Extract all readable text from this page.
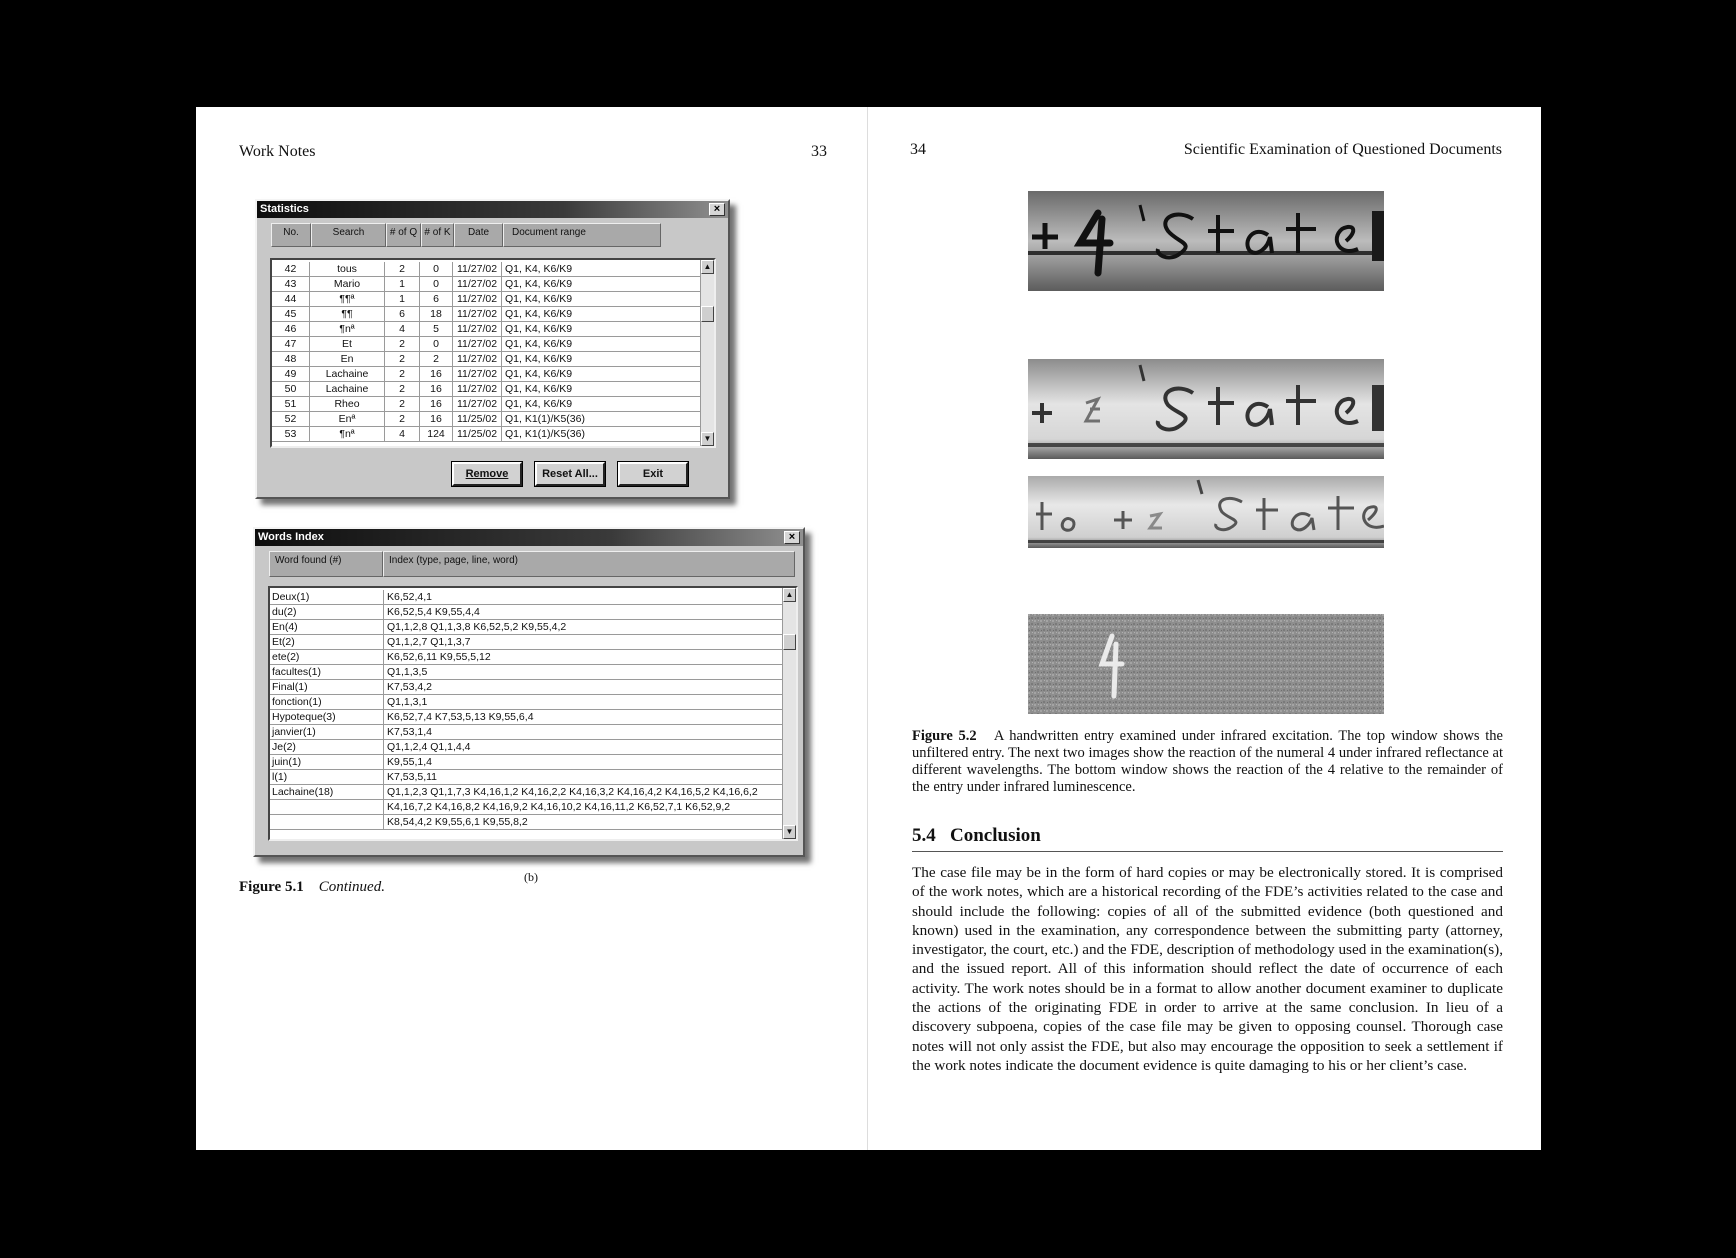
Work Notes	33
Statistics	×
No.	Search	# of Q # of K	Date	Document range
42	tous	2	0	11/27/02 Q1, K4, K6/K9
43	Mario	1	0	11/27/02 Q1, K4, K6/K9
44	¶¶ª	1	6	11/27/02 Q1, K4, K6/K9
45	¶¶	6	18	11/27/02 Q1, K4, K6/K9
46	¶nª	4	5	11/27/02 Q1, K4, K6/K9
47	Et	2	0	11/27/02 Q1, K4, K6/K9
48	En	2	2	11/27/02 Q1, K4, K6/K9
49	Lachaine	2	16	11/27/02 Q1, K4, K6/K9
50	Lachaine	2	16	11/27/02 Q1, K4, K6/K9
51	Rheo	2	16	11/27/02 Q1, K4, K6/K9
52	Enª	2	16	11/25/02 Q1, K1(1)/K5(36)
53	¶nª	4	124	11/25/02 Q1, K1(1)/K5(36)
▲
▼
Remove	Reset All...	Exit
Words Index	×
Word found (#)	Index (type, page, line, word)
Deux(1)	K6,52,4,1
du(2)	K6,52,5,4 K9,55,4,4
En(4)	Q1,1,2,8 Q1,1,3,8 K6,52,5,2 K9,55,4,2
Et(2)	Q1,1,2,7 Q1,1,3,7
ete(2)	K6,52,6,11 K9,55,5,12
facultes(1)	Q1,1,3,5
Final(1)	K7,53,4,2
fonction(1)	Q1,1,3,1
Hypoteque(3)	K6,52,7,4 K7,53,5,13 K9,55,6,4
janvier(1)	K7,53,1,4
Je(2)	Q1,1,2,4 Q1,1,4,4
juin(1)	K9,55,1,4
l(1)	K7,53,5,11
Lachaine(18)	Q1,1,2,3 Q1,1,7,3 K4,16,1,2 K4,16,2,2 K4,16,3,2 K4,16,4,2 K4,16,5,2 K4,16,6,2
K4,16,7,2 K4,16,8,2 K4,16,9,2 K4,16,10,2 K4,16,11,2 K6,52,7,1 K6,52,9,2
K8,54,4,2 K9,55,6,1 K9,55,8,2
▲
▼
(b)
Figure 5.1 Continued.
34	Scientific Examination of Questioned Documents
Figure 5.2 A handwritten entry examined under infrared excitation. The top window shows the unfiltered entry. The next two images show the reaction of the numeral 4 under infrared reflectance at different wavelengths. The bottom window shows the reaction of the 4 relative to the remainder of the entry under infrared luminescence.
5.4 Conclusion
The case file may be in the form of hard copies or may be electronically stored. It is comprised of the work notes, which are a historical recording of the FDE’s activities related to the case and should include the following: copies of all of the submitted evidence (both questioned and known) used in the examination, any correspondence between the submitting party (attorney, investigator, the court, etc.) and the FDE, description of methodology used in the examination(s), and the issued report. All of this information should reflect the date of occurrence of each activity. The work notes should be in a format to allow another document examiner to duplicate the actions of the originating FDE in order to arrive at the same conclusion. In lieu of a discovery subpoena, copies of the case file may be given to opposing counsel. Thorough case notes will not only assist the FDE, but also may encourage the opposition to seek a settlement if the work notes indicate the document evidence is quite damaging to his or her client’s case.
